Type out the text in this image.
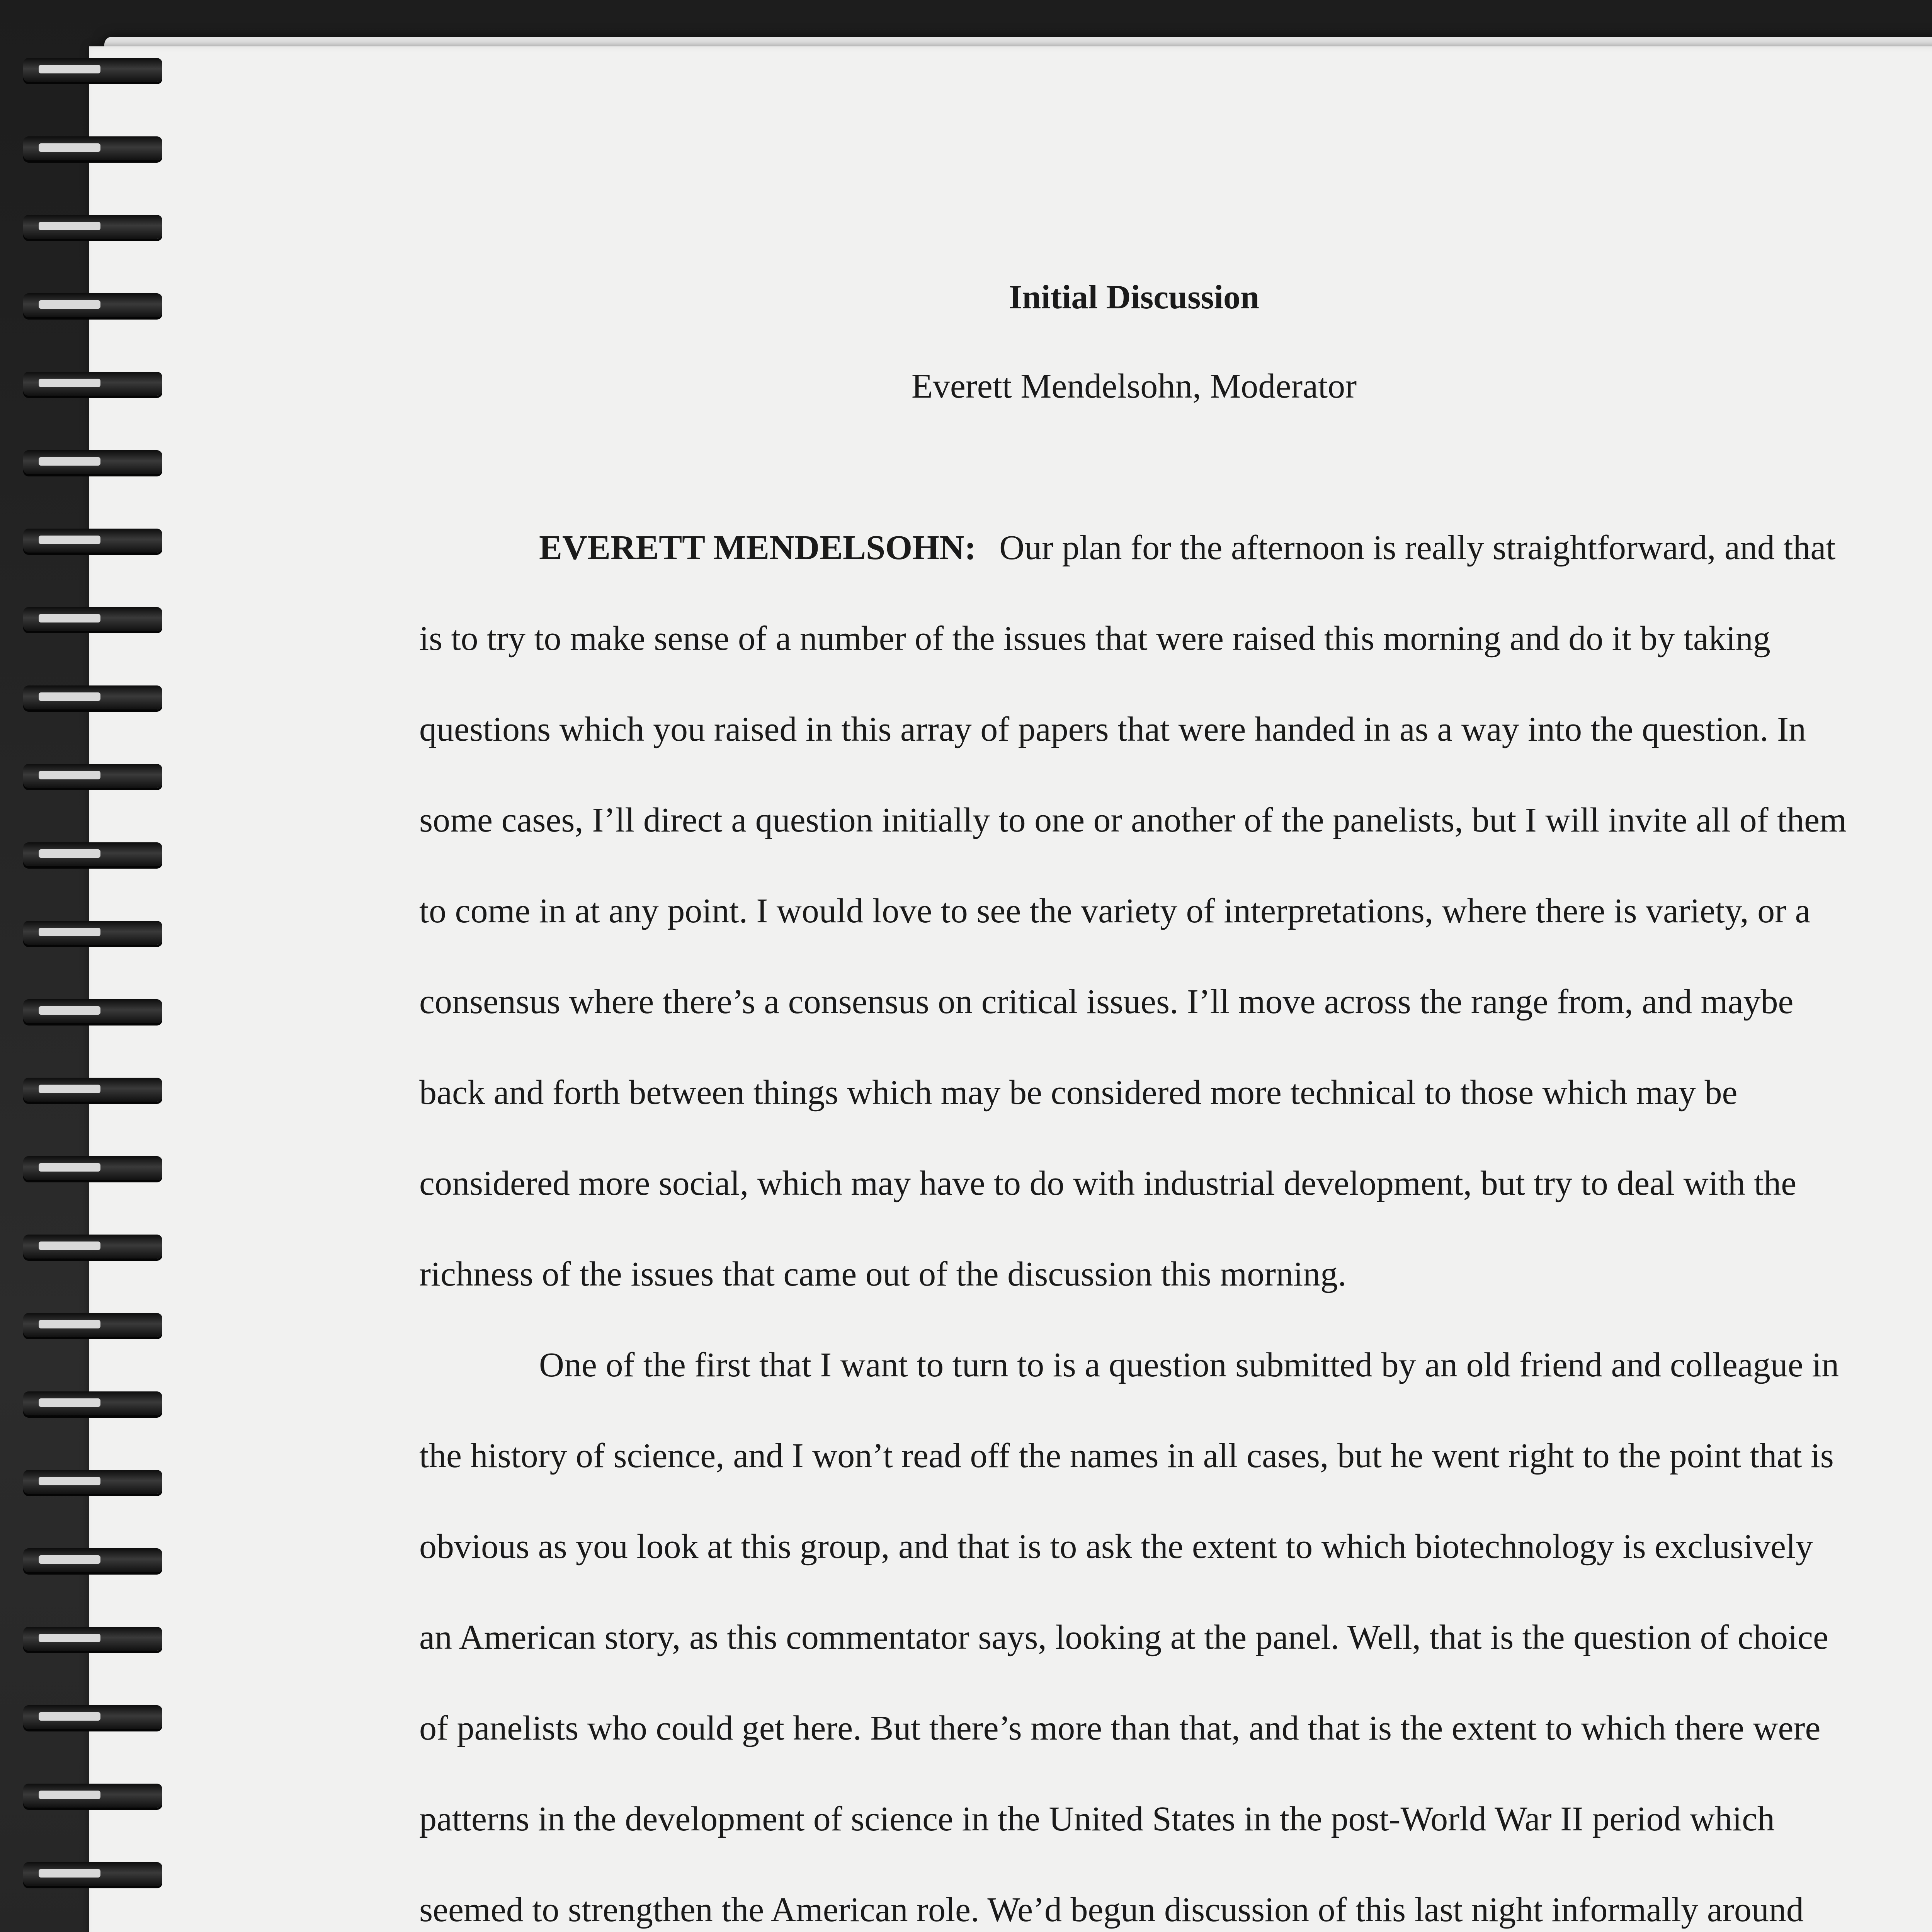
Initial Discussion

Everett Mendelsohn, Moderator

EVERETT MENDELSOHN: Our plan for the afternoon is really straightforward, and that is to try to make sense of a number of the issues that were raised this morning and do it by taking questions which you raised in this array of papers that were handed in as a way into the question. In some cases, I’ll direct a question initially to one or another of the panelists, but I will invite all of them to come in at any point. I would love to see the variety of interpretations, where there is variety, or a consensus where there’s a consensus on critical issues. I’ll move across the range from, and maybe back and forth between things which may be considered more technical to those which may be considered more social, which may have to do with industrial development, but try to deal with the richness of the issues that came out of the discussion this morning.

One of the first that I want to turn to is a question submitted by an old friend and colleague in the history of science, and I won’t read off the names in all cases, but he went right to the point that is obvious as you look at this group, and that is to ask the extent to which biotechnology is exclusively an American story, as this commentator says, looking at the panel. Well, that is the question of choice of panelists who could get here. But there’s more than that, and that is the extent to which there were patterns in the development of science in the United States in the post-World War II period which seemed to strengthen the American role. We’d begun discussion of this last night informally around
